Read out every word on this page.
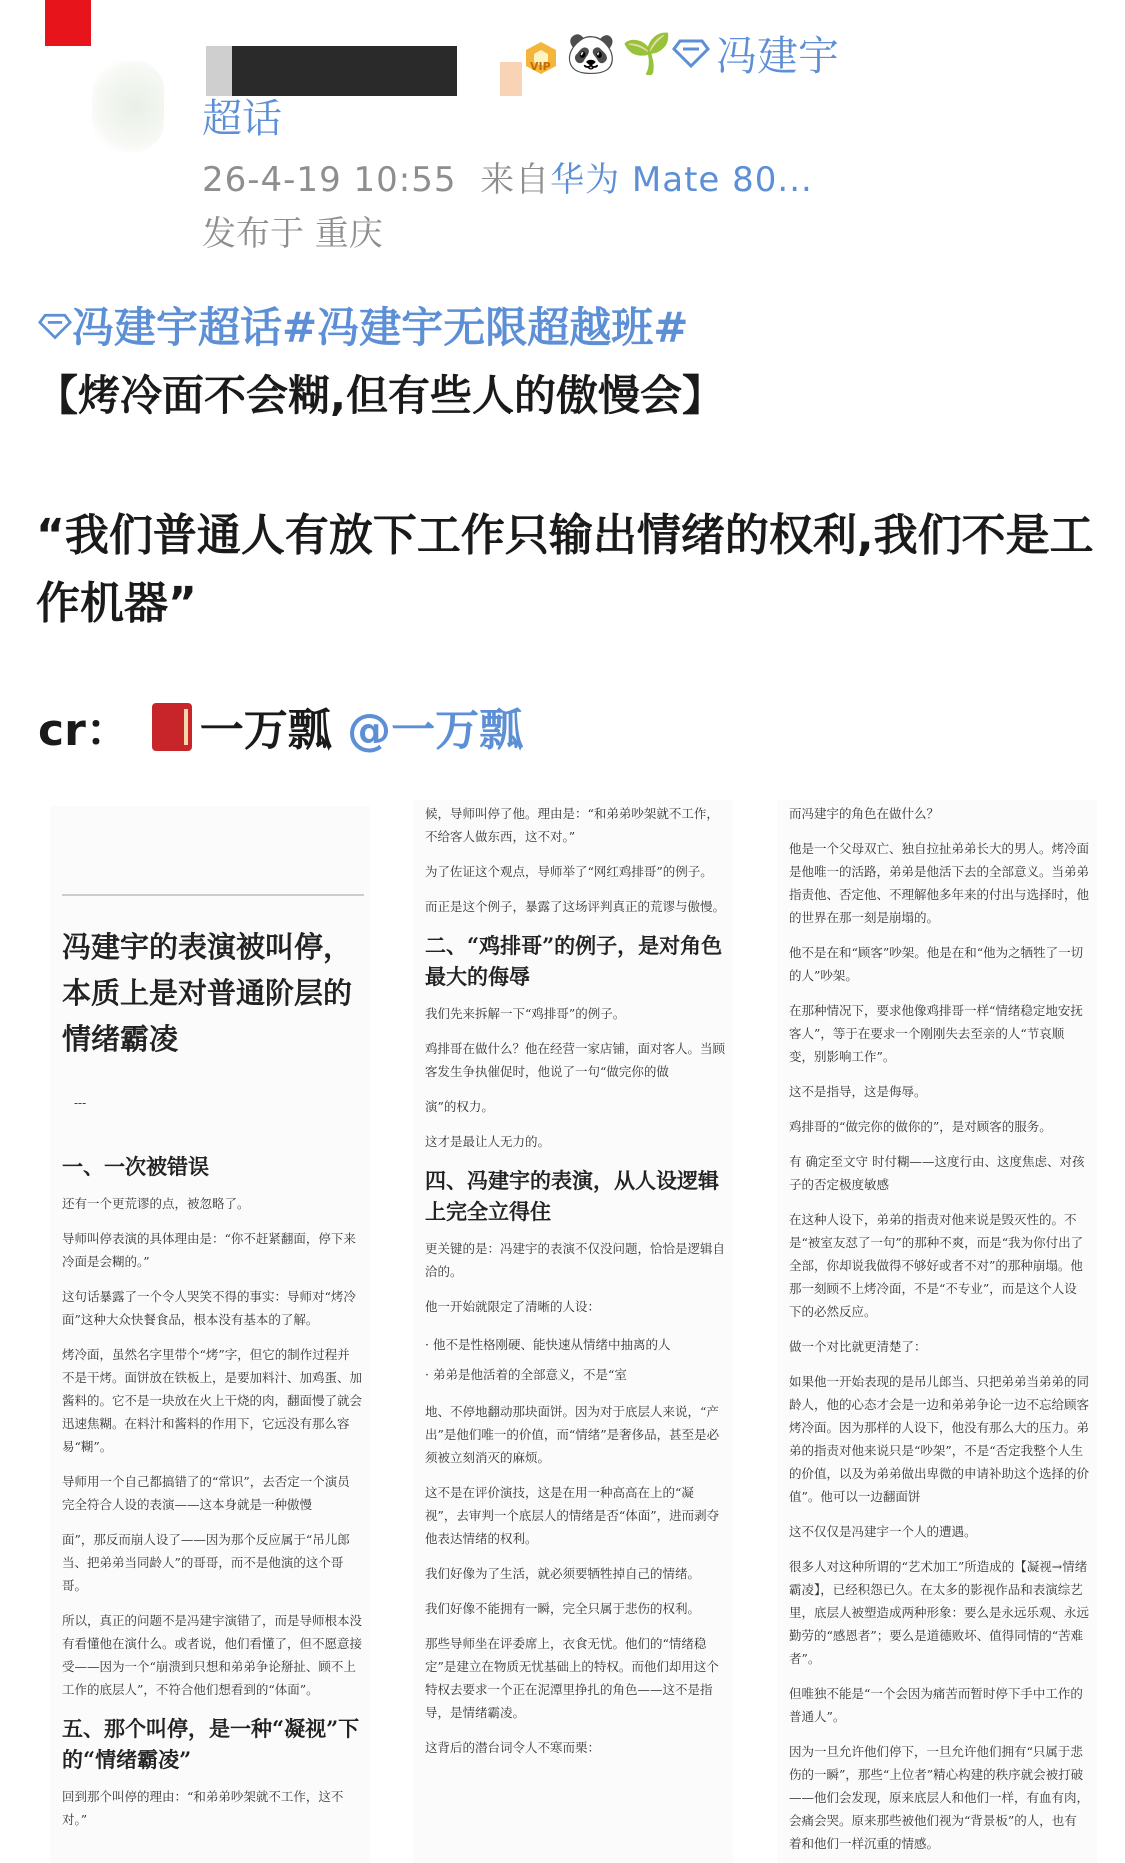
VIP 🐼 🌱	冯建宇
超话
26-4-19 10:55 来自华为 Mate 80...
发布于 重庆
冯建宇超话#冯建宇无限超越班#
【烤冷面不会糊,但有些人的傲慢会】
“我们普通人有放下工作只输出情绪的权利,我们不是工作机器”
cr： 一万瓢 @一万瓢
冯建宇的表演被叫停，本质上是对普通阶层的情绪霸凌

---

一、一次被错误

还有一个更荒谬的点，被忽略了。

导师叫停表演的具体理由是：“你不赶紧翻面，停下来冷面是会糊的。”

这句话暴露了一个令人哭笑不得的事实：导师对“烤冷面”这种大众快餐食品，根本没有基本的了解。

烤冷面，虽然名字里带个“烤”字，但它的制作过程并不是干烤。面饼放在铁板上，是要加料汁、加鸡蛋、加酱料的。它不是一块放在火上干烧的肉，翻面慢了就会迅速焦糊。在料汁和酱料的作用下，它远没有那么容易“糊”。

导师用一个自己都搞错了的“常识”，去否定一个演员完全符合人设的表演——这本身就是一种傲慢

面”，那反而崩人设了——因为那个反应属于“吊儿郎当、把弟弟当同龄人”的哥哥，而不是他演的这个哥哥。

所以，真正的问题不是冯建宇演错了，而是导师根本没有看懂他在演什么。或者说，他们看懂了，但不愿意接受——因为一个“崩溃到只想和弟弟争论掰扯、顾不上工作的底层人”，不符合他们想看到的“体面”。

五、那个叫停，是一种“凝视”下的“情绪霸凌”

回到那个叫停的理由：“和弟弟吵架就不工作，这不对。”

候，导师叫停了他。理由是：“和弟弟吵架就不工作，不给客人做东西，这不对。”

为了佐证这个观点，导师举了“网红鸡排哥”的例子。

而正是这个例子，暴露了这场评判真正的荒谬与傲慢。

二、“鸡排哥”的例子，是对角色最大的侮辱

我们先来拆解一下“鸡排哥”的例子。

鸡排哥在做什么？他在经营一家店铺，面对客人。当顾客发生争执催促时，他说了一句“做完你的做

演”的权力。

这才是最让人无力的。

四、冯建宇的表演，从人设逻辑上完全立得住

更关键的是：冯建宇的表演不仅没问题，恰恰是逻辑自洽的。

他一开始就限定了清晰的人设：

· 他不是性格刚硬、能快速从情绪中抽离的人
· 弟弟是他活着的全部意义，不是“室

地、不停地翻动那块面饼。因为对于底层人来说，“产出”是他们唯一的价值，而“情绪”是奢侈品，甚至是必须被立刻消灭的麻烦。

这不是在评价演技，这是在用一种高高在上的“凝视”，去审判一个底层人的情绪是否“体面”，进而剥夺他表达情绪的权利。

我们好像为了生活，就必须要牺牲掉自己的情绪。

我们好像不能拥有一瞬，完全只属于悲伤的权利。

那些导师坐在评委席上，衣食无忧。他们的“情绪稳定”是建立在物质无忧基础上的特权。而他们却用这个特权去要求一个正在泥潭里挣扎的角色——这不是指导，是情绪霸凌。

这背后的潜台词令人不寒而栗：

而冯建宇的角色在做什么？

他是一个父母双亡、独自拉扯弟弟长大的男人。烤冷面是他唯一的活路，弟弟是他活下去的全部意义。当弟弟指责他、否定他、不理解他多年来的付出与选择时，他的世界在那一刻是崩塌的。

他不是在和“顾客”吵架。他是在和“他为之牺牲了一切的人”吵架。

在那种情况下，要求他像鸡排哥一样“情绪稳定地安抚客人”，等于在要求一个刚刚失去至亲的人“节哀顺变，别影响工作”。

这不是指导，这是侮辱。

鸡排哥的“做完你的做你的”，是对顾客的服务。

有 确定至文守 时付糊——这度行由、这度焦虑、对孩子的否定极度敏感

在这种人设下，弟弟的指责对他来说是毁灭性的。不是“被室友怼了一句”的那种不爽，而是“我为你付出了全部，你却说我做得不够好或者不对”的那种崩塌。他那一刻顾不上烤冷面，不是“不专业”，而是这个人设下的必然反应。

做一个对比就更清楚了：

如果他一开始表现的是吊儿郎当、只把弟弟当弟弟的同龄人，他的心态才会是一边和弟弟争论一边不忘给顾客烤冷面。因为那样的人设下，他没有那么大的压力。弟弟的指责对他来说只是“吵架”，不是“否定我整个人生的价值，以及为弟弟做出卑微的申请补助这个选择的价值”。他可以一边翻面饼

这不仅仅是冯建宇一个人的遭遇。

很多人对这种所谓的“艺术加工”所造成的【凝视→情绪霸凌】，已经积怨已久。在太多的影视作品和表演综艺里，底层人被塑造成两种形象：要么是永远乐观、永远勤劳的“感恩者”；要么是道德败坏、值得同情的“苦难者”。

但唯独不能是“一个会因为痛苦而暂时停下手中工作的普通人”。

因为一旦允许他们停下，一旦允许他们拥有“只属于悲伤的一瞬”，那些“上位者”精心构建的秩序就会被打破——他们会发现，原来底层人和他们一样，有血有肉，会痛会哭。原来那些被他们视为“背景板”的人，也有着和他们一样沉重的情感。
